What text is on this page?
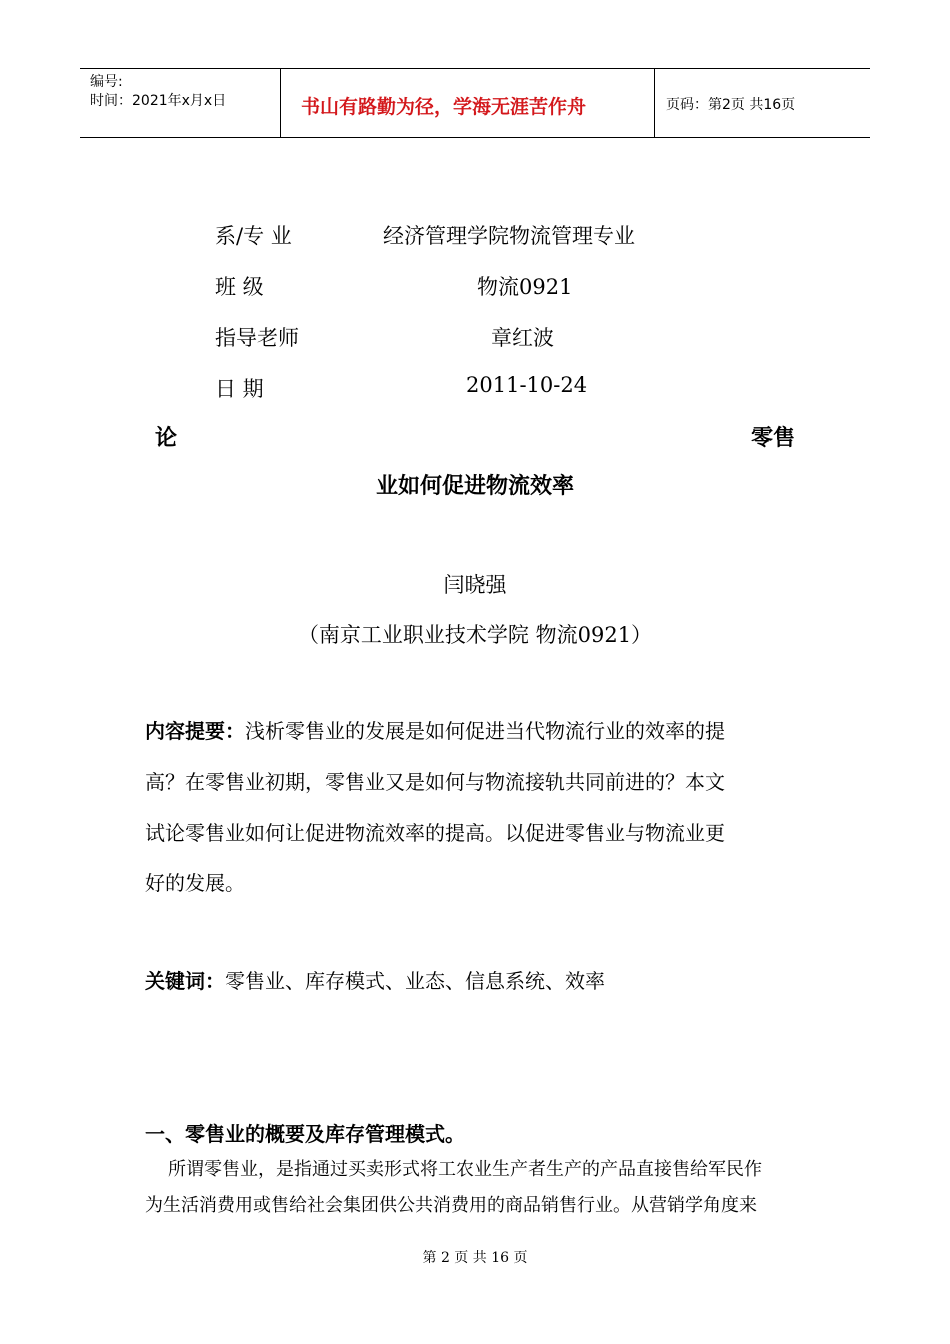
编号:
时间：2021年x月x日	书山有路勤为径，学海无涯苦作舟	页码：第2页 共16页
系/专 业	经济管理学院物流管理专业
班 级	物流0921
指导老师	章红波
日 期	2011-10-24
论	零售
业如何促进物流效率
闫晓强
（南京工业职业技术学院 物流0921）
内容提要：浅析零售业的发展是如何促进当代物流行业的效率的提
高？在零售业初期，零售业又是如何与物流接轨共同前进的？本文
试论零售业如何让促进物流效率的提高。以促进零售业与物流业更
好的发展。
关键词：零售业、库存模式、业态、信息系统、效率
一、零售业的概要及库存管理模式。
所谓零售业，是指通过买卖形式将工农业生产者生产的产品直接售给军民作
为生活消费用或售给社会集团供公共消费用的商品销售行业。从营销学角度来
第 2 页 共 16 页
